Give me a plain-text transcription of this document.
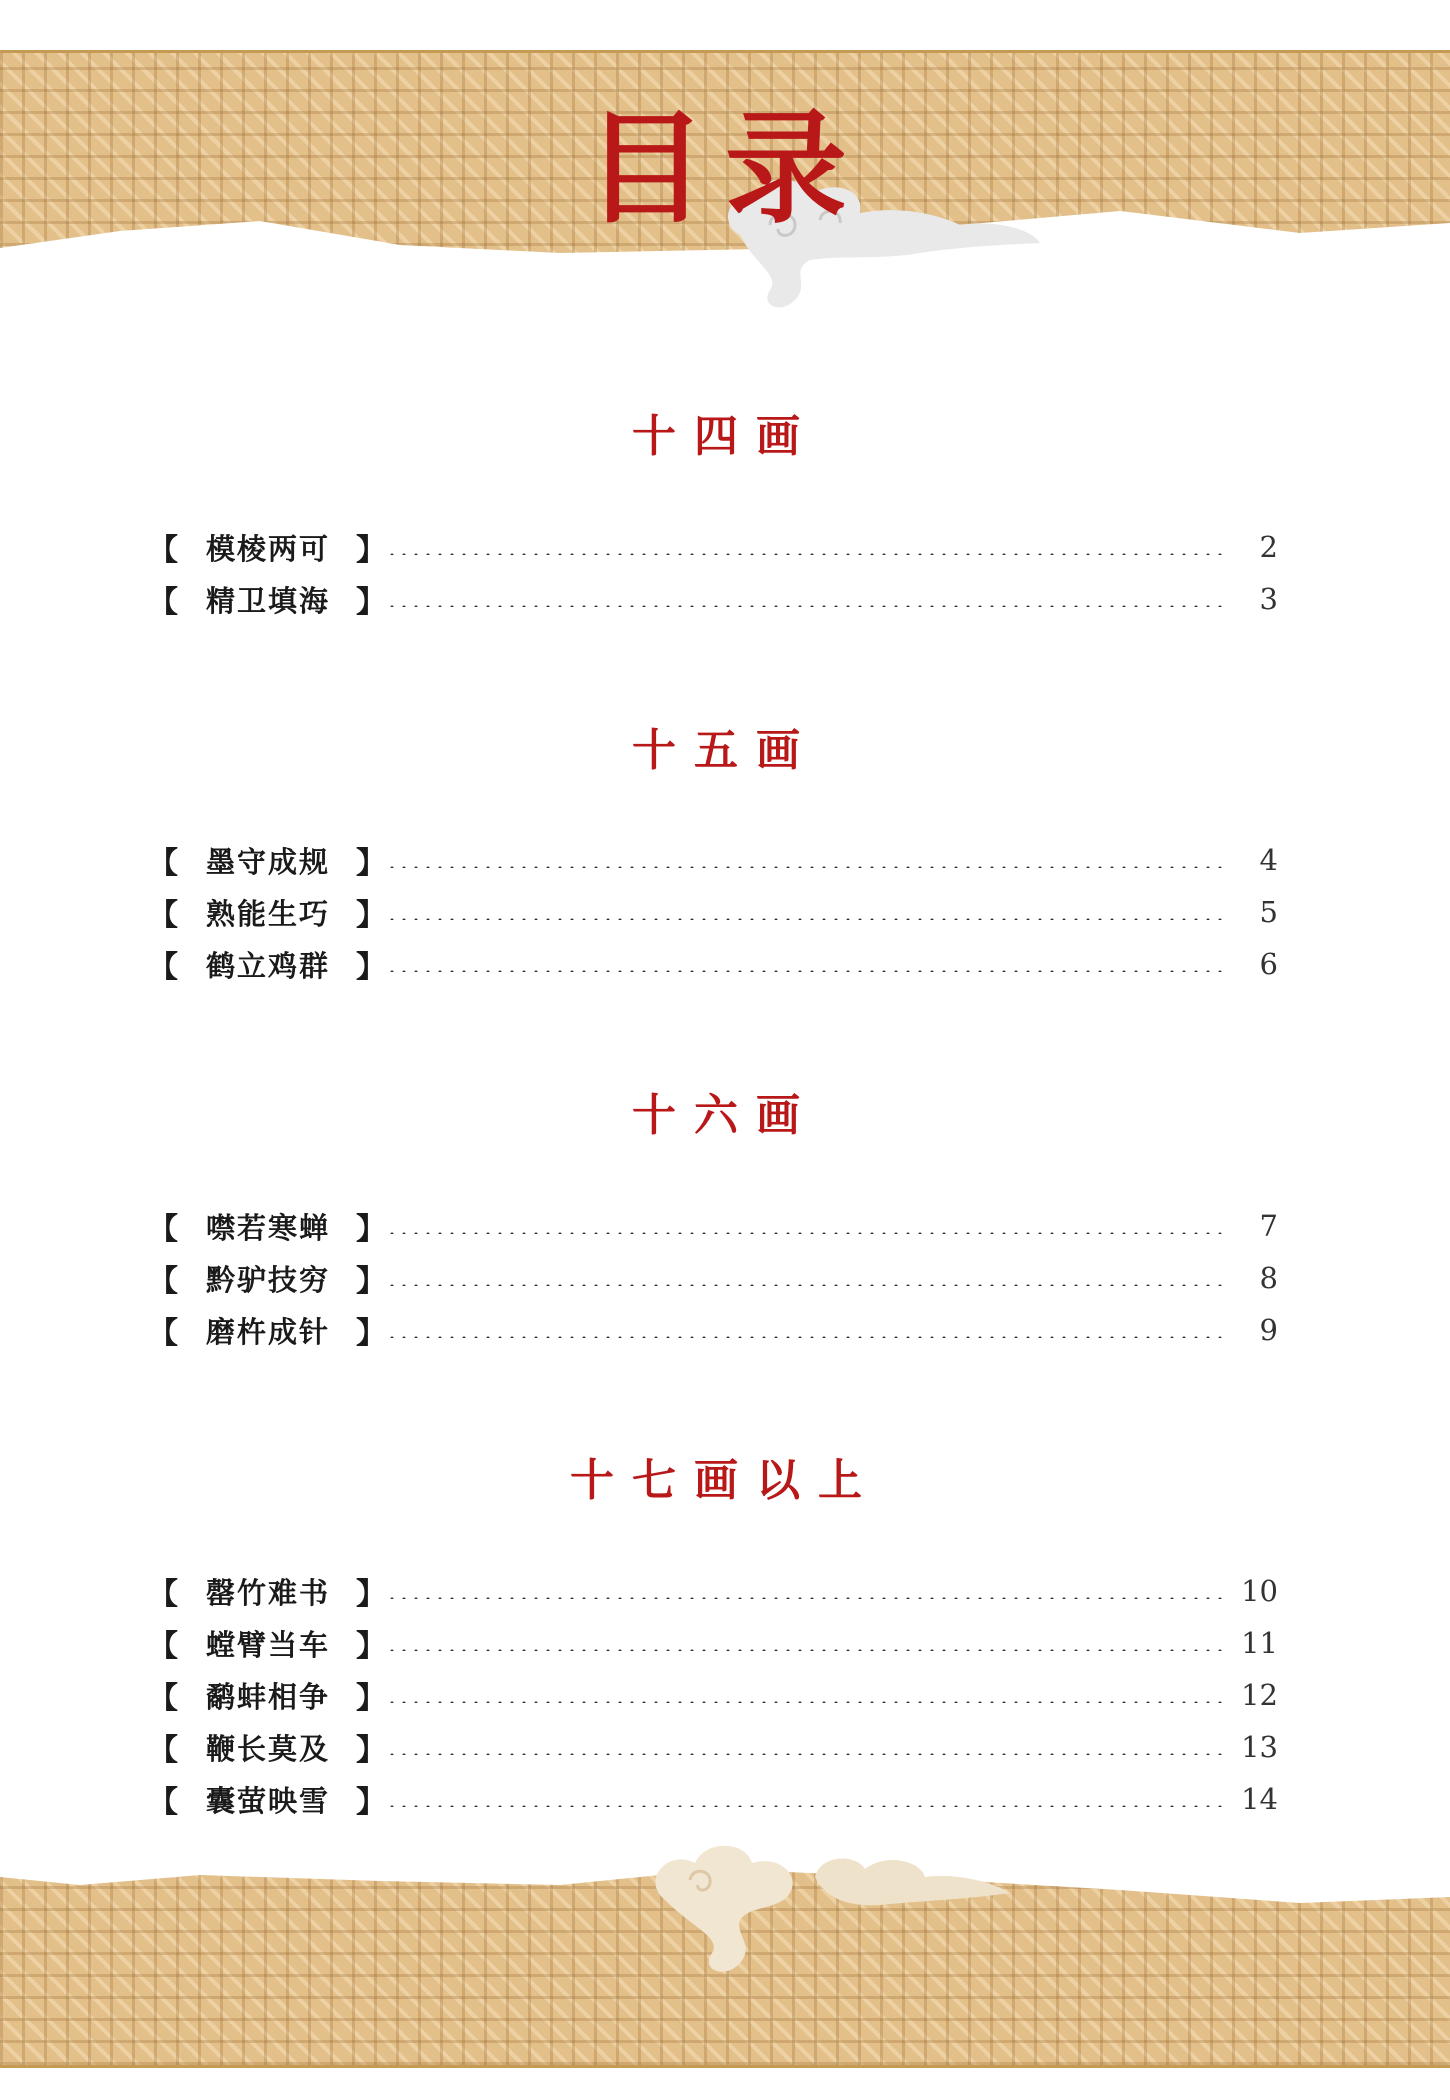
目录
十四画
【 模棱两可 】	2
【 精卫填海 】	3
十五画
【 墨守成规 】	4
【 熟能生巧 】	5
【 鹤立鸡群 】	6
十六画
【 噤若寒蝉 】	7
【 黔驴技穷 】	8
【 磨杵成针 】	9
十七画以上
【 罄竹难书 】	10
【 螳臂当车 】	11
【 鹬蚌相争 】	12
【 鞭长莫及 】	13
【 囊萤映雪 】	14
